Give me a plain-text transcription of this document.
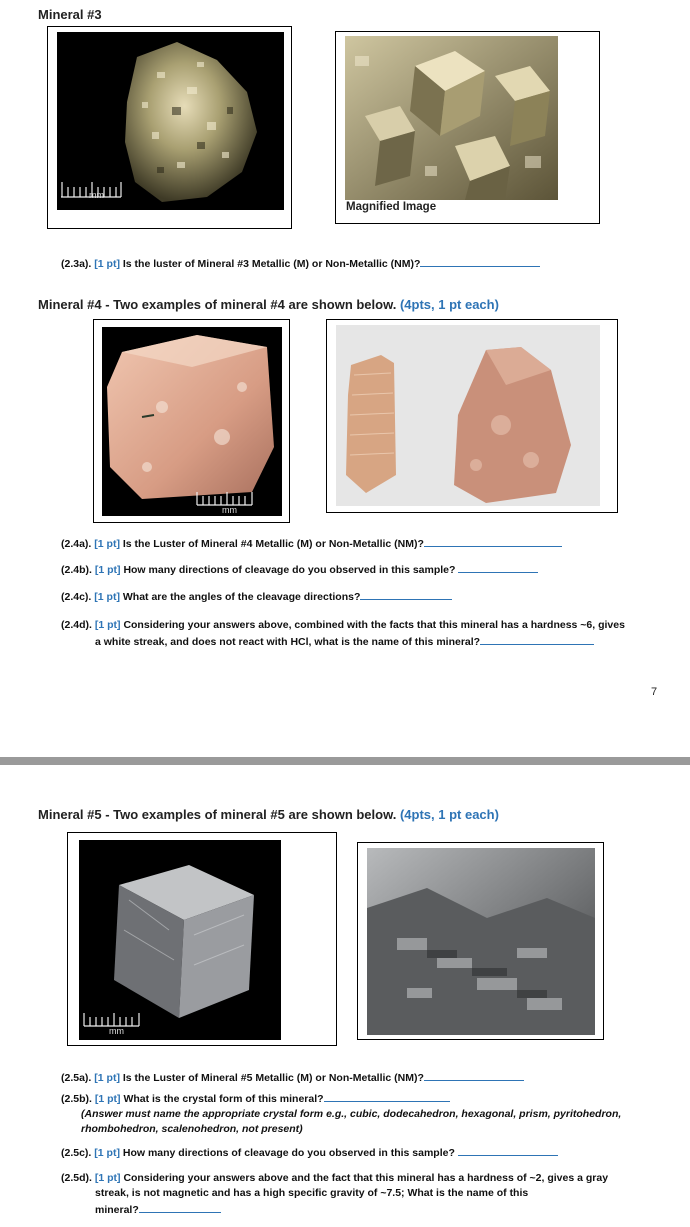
Mineral #3
mm
Magnified Image
(2.3a). [1 pt] Is the luster of Mineral #3 Metallic (M) or Non-Metallic (NM)?
Mineral #4 - Two examples of mineral #4 are shown below. (4pts, 1 pt each)
mm
(2.4a). [1 pt] Is the Luster of Mineral #4 Metallic (M) or Non-Metallic (NM)?
(2.4b). [1 pt] How many directions of cleavage do you observed in this sample?
(2.4c). [1 pt] What are the angles of the cleavage directions?
(2.4d). [1 pt] Considering your answers above, combined with the facts that this mineral has a hardness ~6, gives
a white streak, and does not react with HCl, what is the name of this mineral?
7
Mineral #5 - Two examples of mineral #5 are shown below. (4pts, 1 pt each)
mm
(2.5a). [1 pt] Is the Luster of Mineral #5 Metallic (M) or Non-Metallic (NM)?
(2.5b). [1 pt] What is the crystal form of this mineral?
(Answer must name the appropriate crystal form e.g., cubic, dodecahedron, hexagonal, prism, pyritohedron,
rhombohedron, scalenohedron, not present)
(2.5c). [1 pt] How many directions of cleavage do you observed in this sample?
(2.5d). [1 pt] Considering your answers above and the fact that this mineral has a hardness of ~2, gives a gray
streak, is not magnetic and has a high specific gravity of ~7.5; What is the name of this
mineral?
